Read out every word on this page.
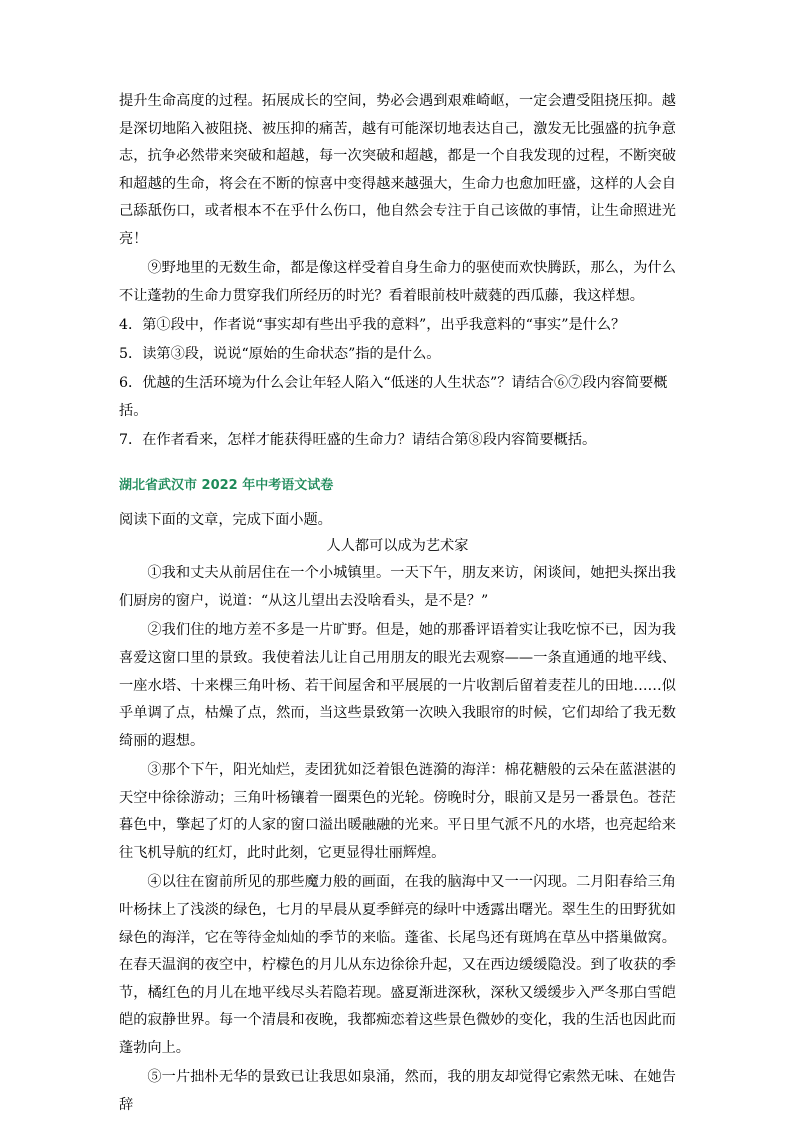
提升生命高度的过程。拓展成长的空间，势必会遇到艰难崎岖，一定会遭受阻挠压抑。越是深切地陷入被阻挠、被压抑的痛苦，越有可能深切地表达自己，激发无比强盛的抗争意志，抗争必然带来突破和超越，每一次突破和超越，都是一个自我发现的过程，不断突破和超越的生命，将会在不断的惊喜中变得越来越强大，生命力也愈加旺盛，这样的人会自己舔舐伤口，或者根本不在乎什么伤口，他自然会专注于自己该做的事情，让生命照进光亮！

⑨野地里的无数生命，都是像这样受着自身生命力的驱使而欢快腾跃，那么，为什么不让蓬勃的生命力贯穿我们所经历的时光？看着眼前枝叶葳蕤的西瓜藤，我这样想。

4．第①段中，作者说“事实却有些出乎我的意料”，出乎我意料的“事实”是什么？

5．读第③段，说说“原始的生命状态”指的是什么。

6．优越的生活环境为什么会让年轻人陷入“低迷的人生状态”？请结合⑥⑦段内容简要概括。

7．在作者看来，怎样才能获得旺盛的生命力？请结合第⑧段内容简要概括。

湖北省武汉市 2022 年中考语文试卷

阅读下面的文章，完成下面小题。

人人都可以成为艺术家

①我和丈夫从前居住在一个小城镇里。一天下午，朋友来访，闲谈间，她把头探出我们厨房的窗户，说道：“从这儿望出去没啥看头，是不是？”

②我们住的地方差不多是一片旷野。但是，她的那番评语着实让我吃惊不已，因为我喜爱这窗口里的景致。我使着法儿让自己用朋友的眼光去观察——一条直通通的地平线、一座水塔、十来棵三角叶杨、若干间屋舍和平展展的一片收割后留着麦茬儿的田地……似乎单调了点，枯燥了点，然而，当这些景致第一次映入我眼帘的时候，它们却给了我无数绮丽的遐想。

③那个下午，阳光灿烂，麦团犹如泛着银色涟漪的海洋：棉花糖般的云朵在蓝湛湛的天空中徐徐游动；三角叶杨镶着一圈栗色的光轮。傍晚时分，眼前又是另一番景色。苍茫暮色中，擎起了灯的人家的窗口溢出暖融融的光来。平日里气派不凡的水塔，也亮起给来往飞机导航的红灯，此时此刻，它更显得壮丽辉煌。

④以往在窗前所见的那些魔力般的画面，在我的脑海中又一一闪现。二月阳春给三角叶杨抹上了浅淡的绿色，七月的早晨从夏季鲜亮的绿叶中透露出曙光。翠生生的田野犹如绿色的海洋，它在等待金灿灿的季节的来临。蓬雀、长尾鸟还有斑鸠在草丛中搭巢做窝。在春天温润的夜空中，柠檬色的月儿从东边徐徐升起，又在西边缓缓隐没。到了收获的季节，橘红色的月儿在地平线尽头若隐若现。盛夏渐进深秋，深秋又缓缓步入严冬那白雪皑皑的寂静世界。每一个清晨和夜晚，我都痴恋着这些景色微妙的变化，我的生活也因此而蓬勃向上。

⑤一片拙朴无华的景致已让我思如泉涌，然而，我的朋友却觉得它索然无味、在她告辞
